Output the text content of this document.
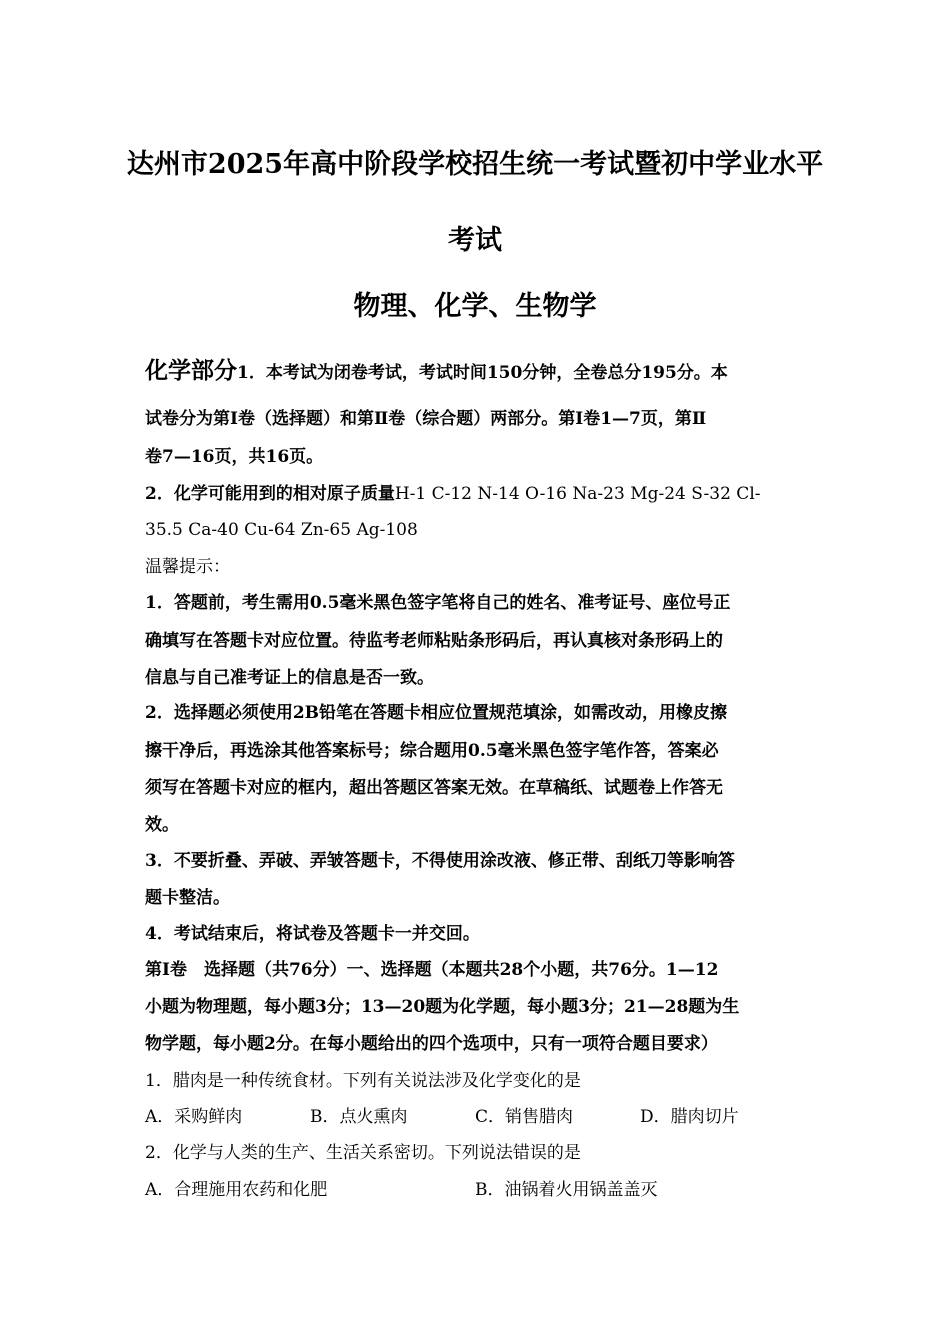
达州市2025年高中阶段学校招生统一考试暨初中学业水平
考试
物理、化学、生物学
化学部分1．本考试为闭卷考试，考试时间150分钟，全卷总分195分。本
试卷分为第Ⅰ卷（选择题）和第Ⅱ卷（综合题）两部分。第Ⅰ卷1—7页，第Ⅱ
卷7—16页，共16页。
2．化学可能用到的相对原子质量H-1 C-12 N-14 O-16 Na-23 Mg-24 S-32 Cl-
35.5 Ca-40 Cu-64 Zn-65 Ag-108
温馨提示：
1．答题前，考生需用0.5毫米黑色签字笔将自己的姓名、准考证号、座位号正
确填写在答题卡对应位置。待监考老师粘贴条形码后，再认真核对条形码上的
信息与自己准考证上的信息是否一致。
2．选择题必须使用2B铅笔在答题卡相应位置规范填涂，如需改动，用橡皮擦
擦干净后，再选涂其他答案标号；综合题用0.5毫米黑色签字笔作答，答案必
须写在答题卡对应的框内，超出答题区答案无效。在草稿纸、试题卷上作答无
效。
3．不要折叠、弄破、弄皱答题卡，不得使用涂改液、修正带、刮纸刀等影响答
题卡整洁。
4．考试结束后，将试卷及答题卡一并交回。
第Ⅰ卷　选择题（共76分）一、选择题（本题共28个小题，共76分。1—12
小题为物理题，每小题3分；13—20题为化学题，每小题3分；21—28题为生
物学题，每小题2分。在每小题给出的四个选项中，只有一项符合题目要求）
1．腊肉是一种传统食材。下列有关说法涉及化学变化的是
A．采购鲜肉	B．点火熏肉	C．销售腊肉	D．腊肉切片
2．化学与人类的生产、生活关系密切。下列说法错误的是
A．合理施用农药和化肥	B．油锅着火用锅盖盖灭
